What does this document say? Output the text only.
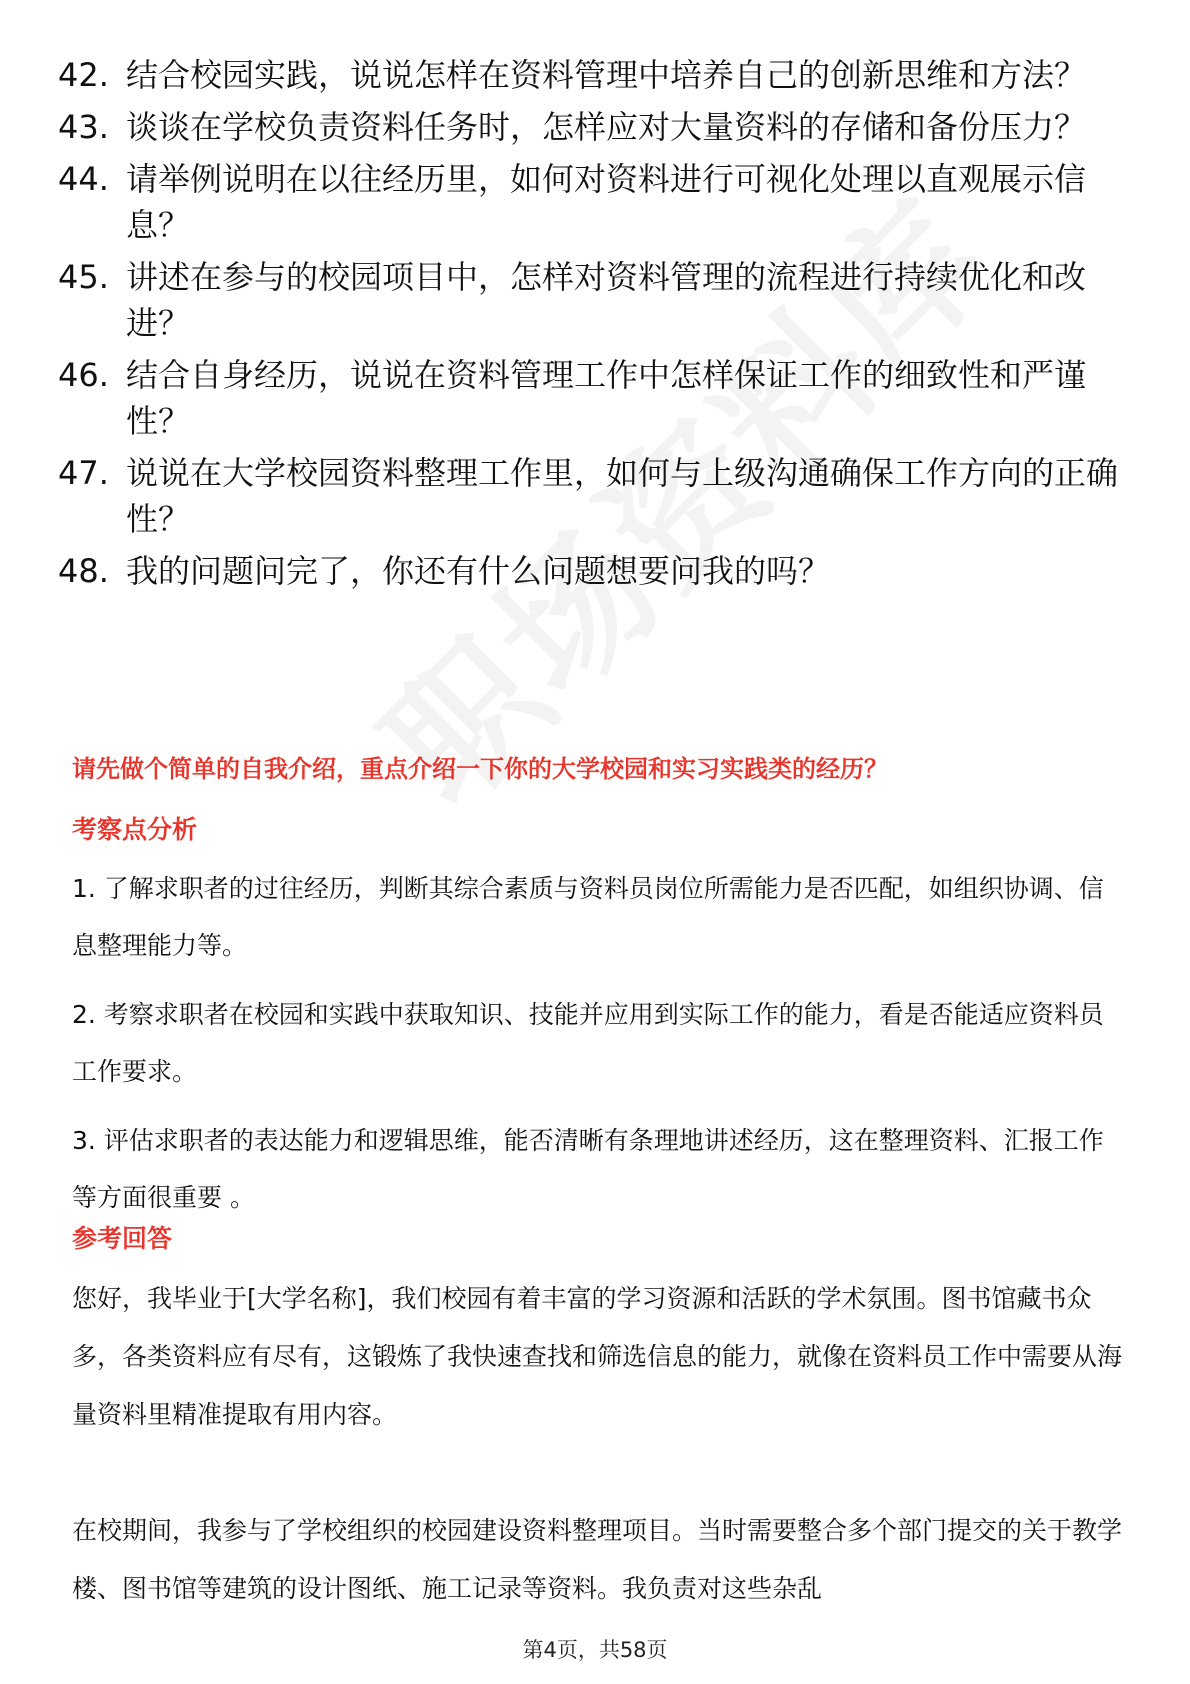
42. 结合校园实践，说说怎样在资料管理中培养自己的创新思维和方法？
43. 谈谈在学校负责资料任务时，怎样应对大量资料的存储和备份压力？
44. 请举例说明在以往经历里，如何对资料进行可视化处理以直观展示信息？
45. 讲述在参与的校园项目中，怎样对资料管理的流程进行持续优化和改进？
46. 结合自身经历，说说在资料管理工作中怎样保证工作的细致性和严谨性？
47. 说说在大学校园资料整理工作里，如何与上级沟通确保工作方向的正确性？
48. 我的问题问完了，你还有什么问题想要问我的吗？
请先做个简单的自我介绍，重点介绍一下你的大学校园和实习实践类的经历？
考察点分析

1. 了解求职者的过往经历，判断其综合素质与资料员岗位所需能力是否匹配，如组织协调、信息整理能力等。

2. 考察求职者在校园和实践中获取知识、技能并应用到实际工作的能力，看是否能适应资料员工作要求。

3. 评估求职者的表达能力和逻辑思维，能否清晰有条理地讲述经历，这在整理资料、汇报工作等方面很重要 。

参考回答

您好，我毕业于[大学名称]，我们校园有着丰富的学习资源和活跃的学术氛围。图书馆藏书众多，各类资料应有尽有，这锻炼了我快速查找和筛选信息的能力，就像在资料员工作中需要从海量资料里精准提取有用内容。

在校期间，我参与了学校组织的校园建设资料整理项目。当时需要整合多个部门提交的关于教学楼、图书馆等建筑的设计图纸、施工记录等资料。我负责对这些杂乱

第4页，共58页
